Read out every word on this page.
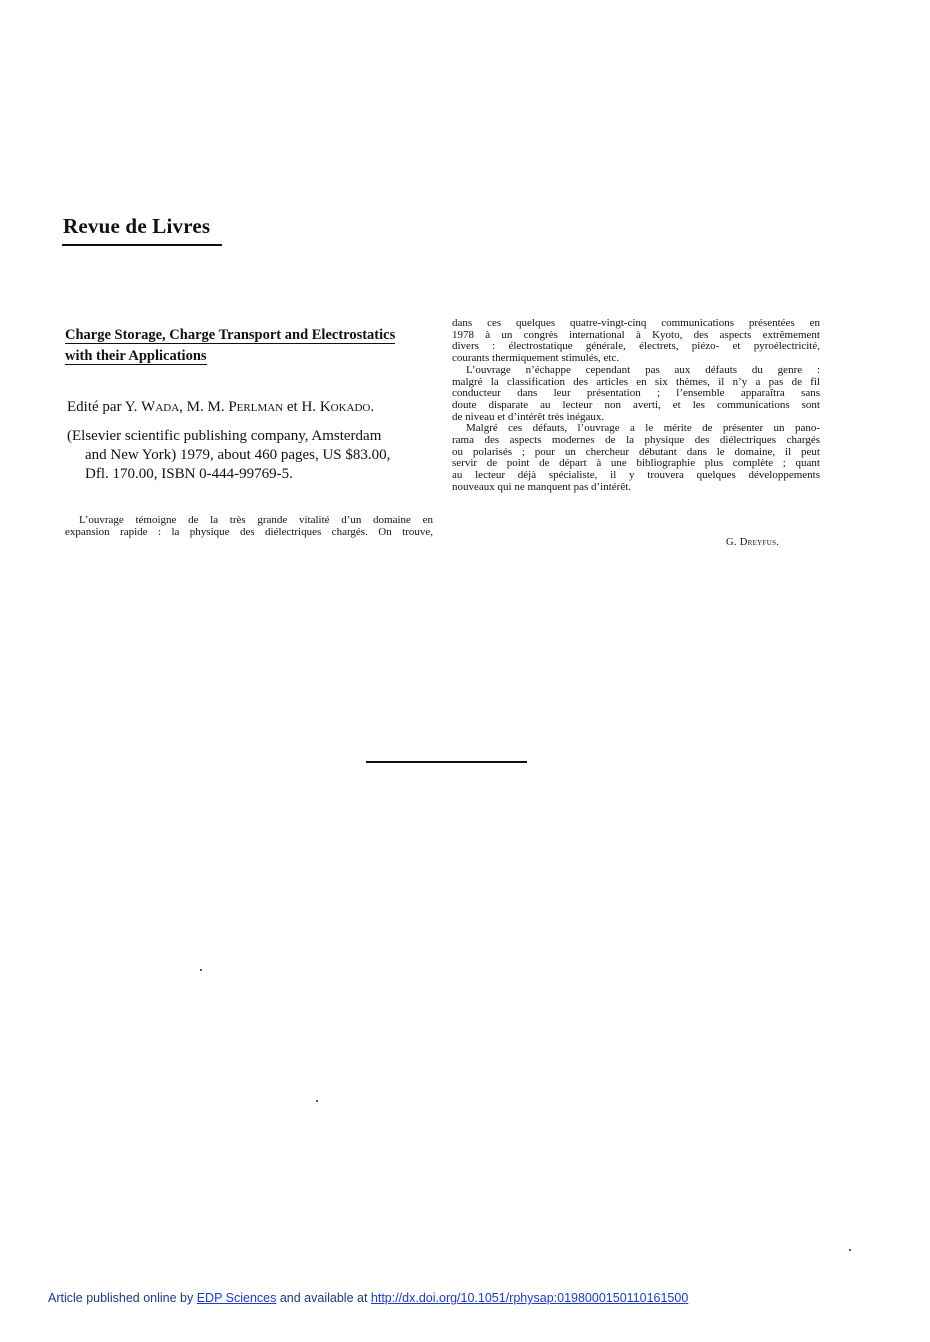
Revue de Livres
Charge Storage, Charge Transport and Electrostatics
with their Applications
Edité par Y. Wada, M. M. Perlman et H. Kokado.
(Elsevier scientific publishing company, Amsterdam
and New York) 1979, about 460 pages, US $83.00,
Dfl. 170.00, ISBN 0-444-99769-5.
L’ouvrage témoigne de la très grande vitalité d’un domaine en
expansion rapide : la physique des diélectriques chargés. On trouve,
dans ces quelques quatre-vingt-cinq communications présentées en
1978 à un congrès international à Kyoto, des aspects extrêmement
divers : électrostatique générale, électrets, piézo- et pyroélectricité,
courants thermiquement stimulés, etc.
L’ouvrage n’échappe cependant pas aux défauts du genre :
malgré la classification des articles en six thèmes, il n’y a pas de fil
conducteur dans leur présentation ; l’ensemble apparaîtra sans
doute disparate au lecteur non averti, et les communications sont
de niveau et d’intérêt très inégaux.
Malgré ces défauts, l’ouvrage a le mérite de présenter un pano-
rama des aspects modernes de la physique des diélectriques chargés
ou polarisés ; pour un chercheur débutant dans le domaine, il peut
servir de point de départ à une bibliographie plus complète ; quant
au lecteur déjà spécialiste, il y trouvera quelques développements
nouveaux qui ne manquent pas d’intérêt.
G. Dreyfus.
Article published online by EDP Sciences and available at http://dx.doi.org/10.1051/rphysap:0198000150110161500
